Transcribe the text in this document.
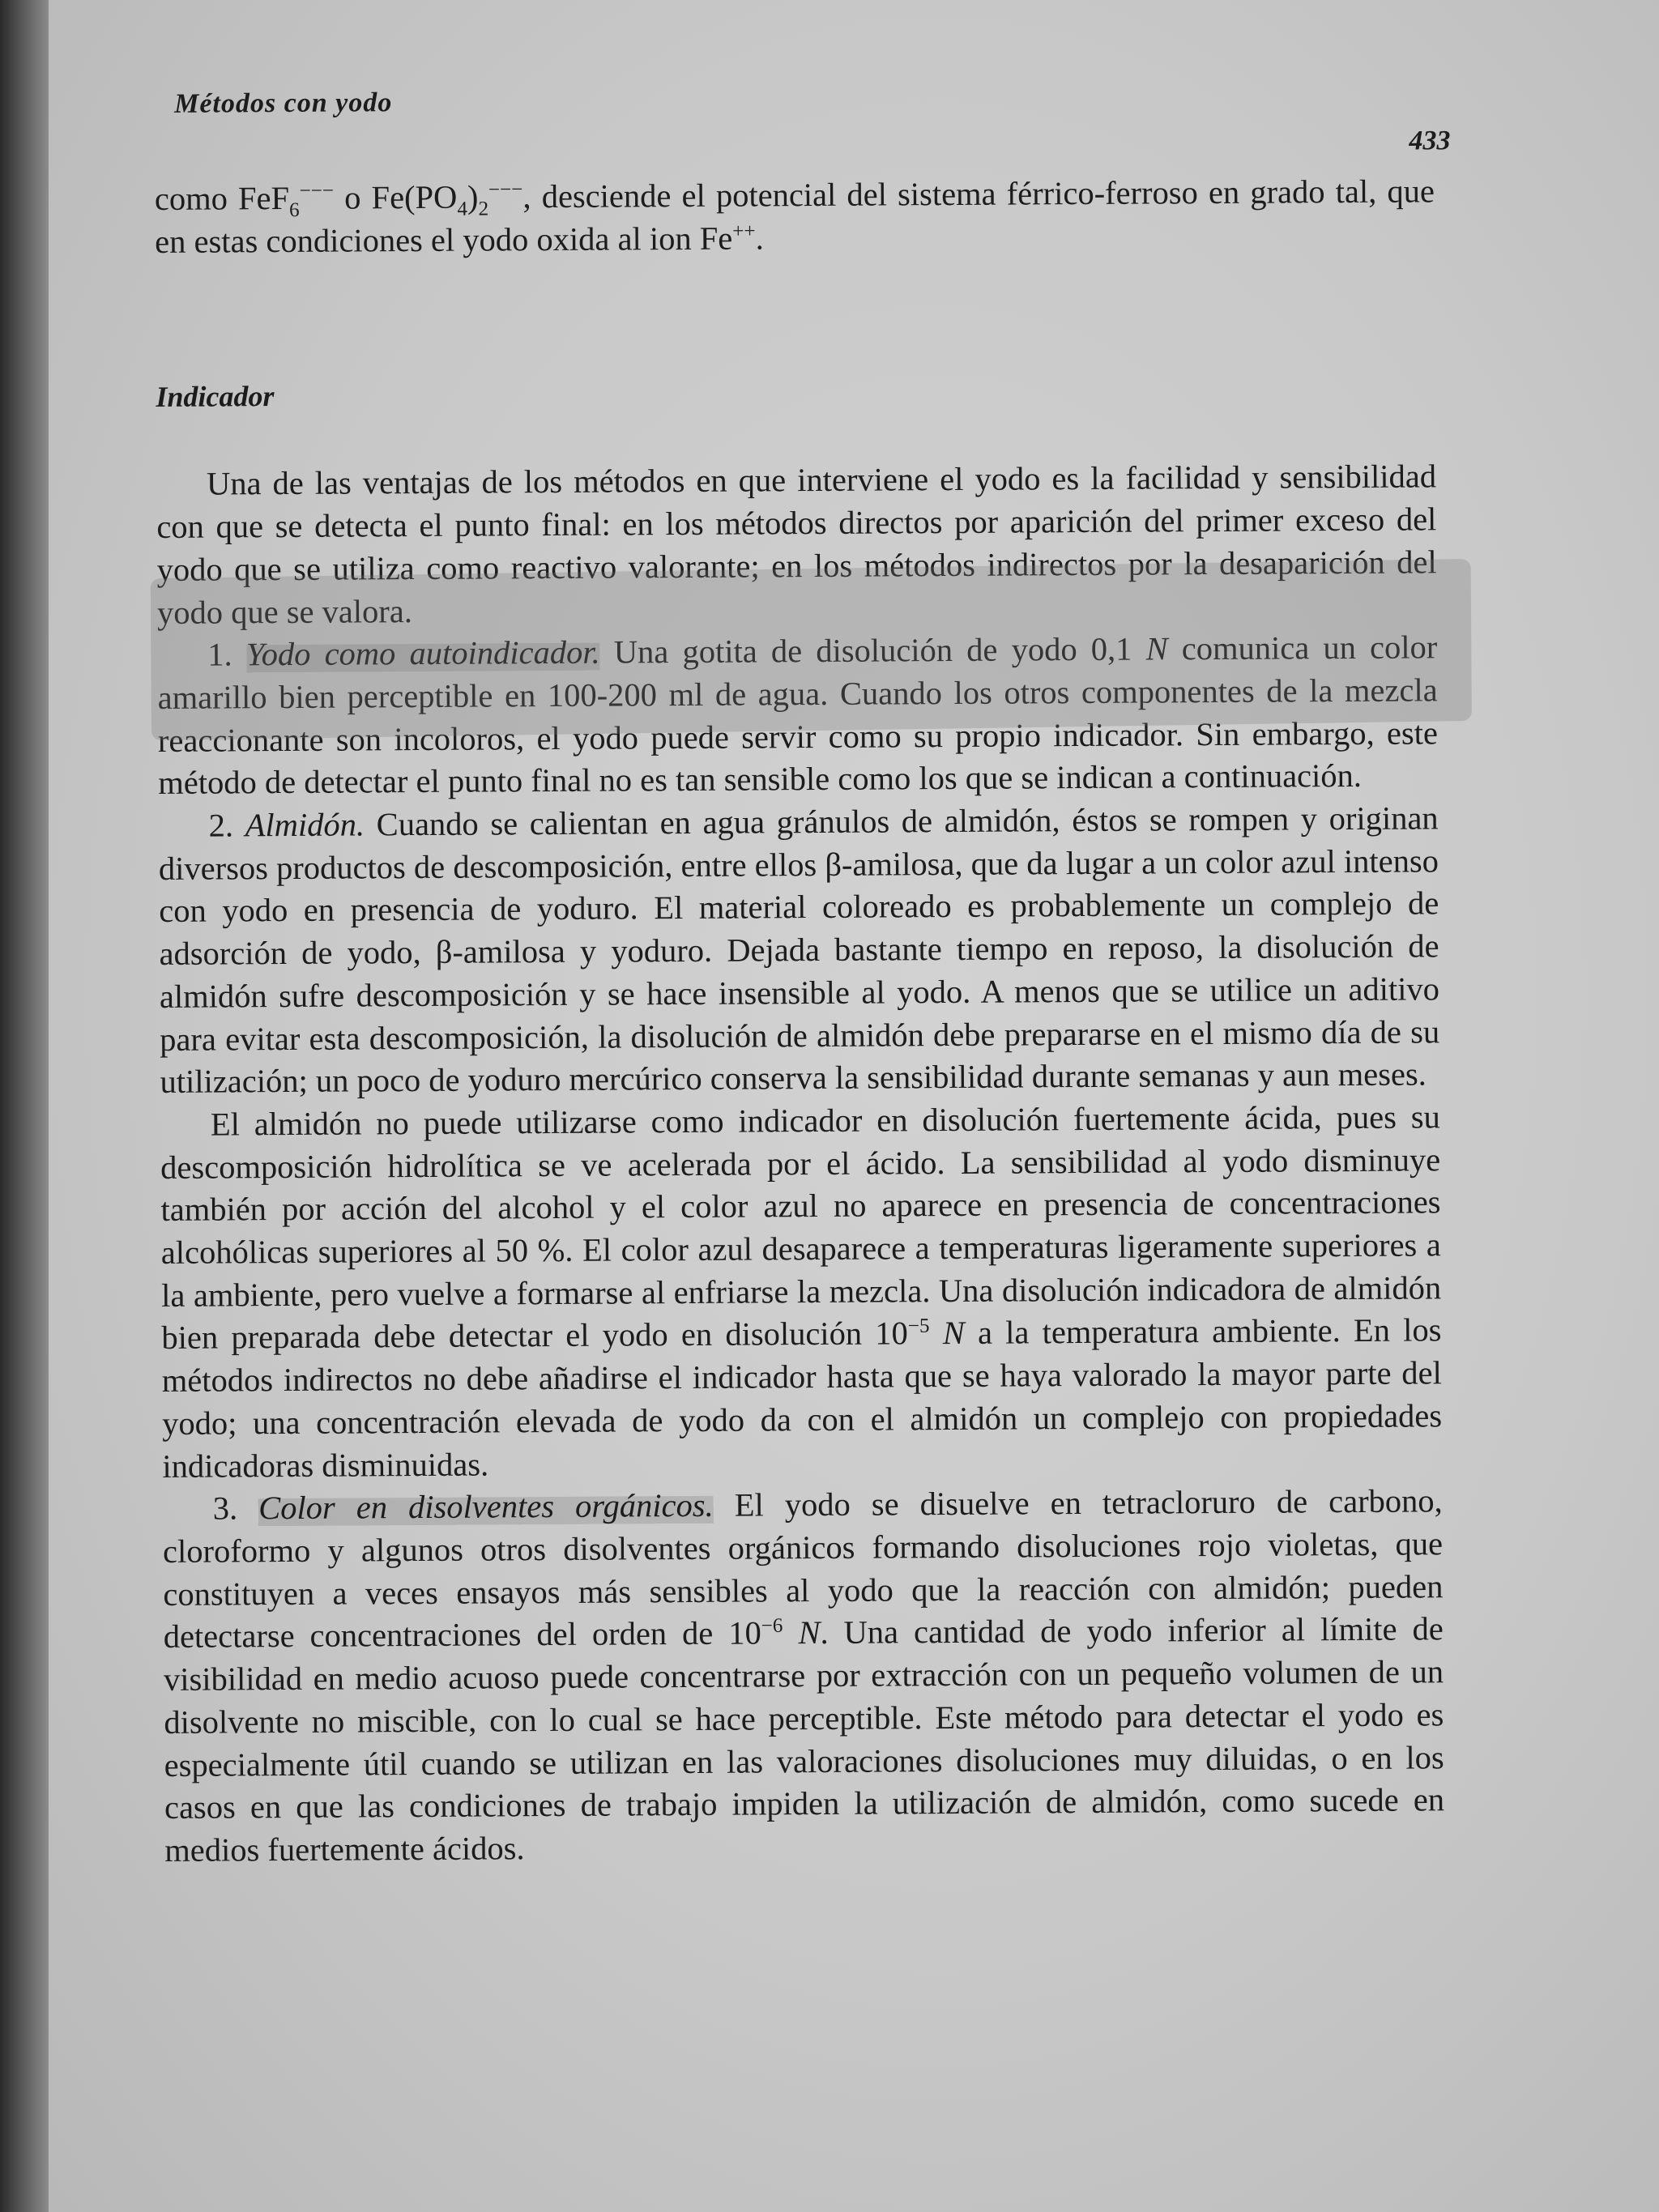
Métodos con yodo
433

como FeF$_6$−−− o $Fe(PO_4)_2^{---}$, desciende el potencial del sistema férrico-ferroso en grado tal, que en estas condiciones el yodo oxida al ion Fe++.

Indicador

Una de las ventajas de los métodos en que interviene el yodo es la facilidad y sensibilidad con que se detecta el punto final: en los métodos directos por aparición del primer exceso del yodo que se utiliza como reactivo valorante; en los métodos indirectos por la desaparición del yodo que se valora.

1. Yodo como autoindicador. Una gotita de disolución de yodo 0,1 N comunica un color amarillo bien perceptible en 100-200 ml de agua. Cuando los otros componentes de la mezcla reaccionante son incoloros, el yodo puede servir como su propio indicador. Sin embargo, este método de detectar el punto final no es tan sensible como los que se indican a continuación.

2. Almidón. Cuando se calientan en agua gránulos de almidón, éstos se rompen y originan diversos productos de descomposición, entre ellos β-amilosa, que da lugar a un color azul intenso con yodo en presencia de yoduro. El material coloreado es probablemente un complejo de adsorción de yodo, β-amilosa y yoduro. Dejada bastante tiempo en reposo, la disolución de almidón sufre descomposición y se hace insensible al yodo. A menos que se utilice un aditivo para evitar esta descomposición, la disolución de almidón debe prepararse en el mismo día de su utilización; un poco de yoduro mercúrico conserva la sensibilidad durante semanas y aun meses.

El almidón no puede utilizarse como indicador en disolución fuertemente ácida, pues su descomposición hidrolítica se ve acelerada por el ácido. La sensibilidad al yodo disminuye también por acción del alcohol y el color azul no aparece en presencia de concentraciones alcohólicas superiores al 50 %. El color azul desaparece a temperaturas ligeramente superiores a la ambiente, pero vuelve a formarse al enfriarse la mezcla. Una disolución indicadora de almidón bien preparada debe detectar el yodo en disolución $10^{-5}$ N a la temperatura ambiente. En los métodos indirectos no debe añadirse el indicador hasta que se haya valorado la mayor parte del yodo; una concentración elevada de yodo da con el almidón un complejo con propiedades indicadoras disminuidas.

3. Color en disolventes orgánicos. El yodo se disuelve en tetracloruro de carbono, cloroformo y algunos otros disolventes orgánicos formando disoluciones rojo violetas, que constituyen a veces ensayos más sensibles al yodo que la reacción con almidón; pueden detectarse concentraciones del orden de $10^{-6}$ N. Una cantidad de yodo inferior al límite de visibilidad en medio acuoso puede concentrarse por extracción con un pequeño volumen de un disolvente no miscible, con lo cual se hace perceptible. Este método para detectar el yodo es especialmente útil cuando se utilizan en las valoraciones disoluciones muy diluidas, o en los casos en que las condiciones de trabajo impiden la utilización de almidón, como sucede en medios fuertemente ácidos.
